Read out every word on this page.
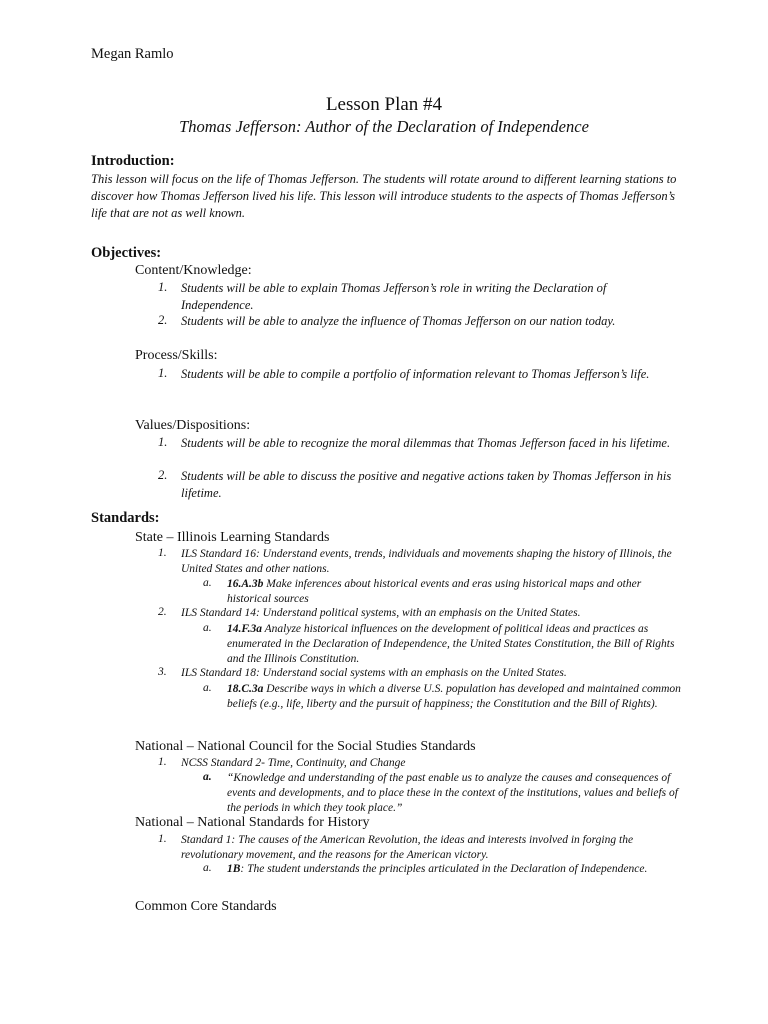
Megan Ramlo
Lesson Plan #4
Thomas Jefferson: Author of the Declaration of Independence
Introduction:
This lesson will focus on the life of Thomas Jefferson. The students will rotate around to different learning stations to discover how Thomas Jefferson lived his life. This lesson will introduce students to the aspects of Thomas Jefferson’s life that are not as well known.
Objectives:
Content/Knowledge:
1. Students will be able to explain Thomas Jefferson’s role in writing the Declaration of Independence.
2. Students will be able to analyze the influence of Thomas Jefferson on our nation today.
Process/Skills:
1. Students will be able to compile a portfolio of information relevant to Thomas Jefferson’s life.
Values/Dispositions:
1. Students will be able to recognize the moral dilemmas that Thomas Jefferson faced in his lifetime.
2. Students will be able to discuss the positive and negative actions taken by Thomas Jefferson in his lifetime.
Standards:
State – Illinois Learning Standards
1. ILS Standard 16: Understand events, trends, individuals and movements shaping the history of Illinois, the United States and other nations.
a. 16.A.3b Make inferences about historical events and eras using historical maps and other historical sources
2. ILS Standard 14: Understand political systems, with an emphasis on the United States.
a. 14.F.3a Analyze historical influences on the development of political ideas and practices as enumerated in the Declaration of Independence, the United States Constitution, the Bill of Rights and the Illinois Constitution.
3. ILS Standard 18: Understand social systems with an emphasis on the United States.
a. 18.C.3a Describe ways in which a diverse U.S. population has developed and maintained common beliefs (e.g., life, liberty and the pursuit of happiness; the Constitution and the Bill of Rights).
National – National Council for the Social Studies Standards
1. NCSS Standard 2- Time, Continuity, and Change
a. “Knowledge and understanding of the past enable us to analyze the causes and consequences of events and developments, and to place these in the context of the institutions, values and beliefs of the periods in which they took place.”
National – National Standards for History
1. Standard 1: The causes of the American Revolution, the ideas and interests involved in forging the revolutionary movement, and the reasons for the American victory.
a. 1B: The student understands the principles articulated in the Declaration of Independence.
Common Core Standards
